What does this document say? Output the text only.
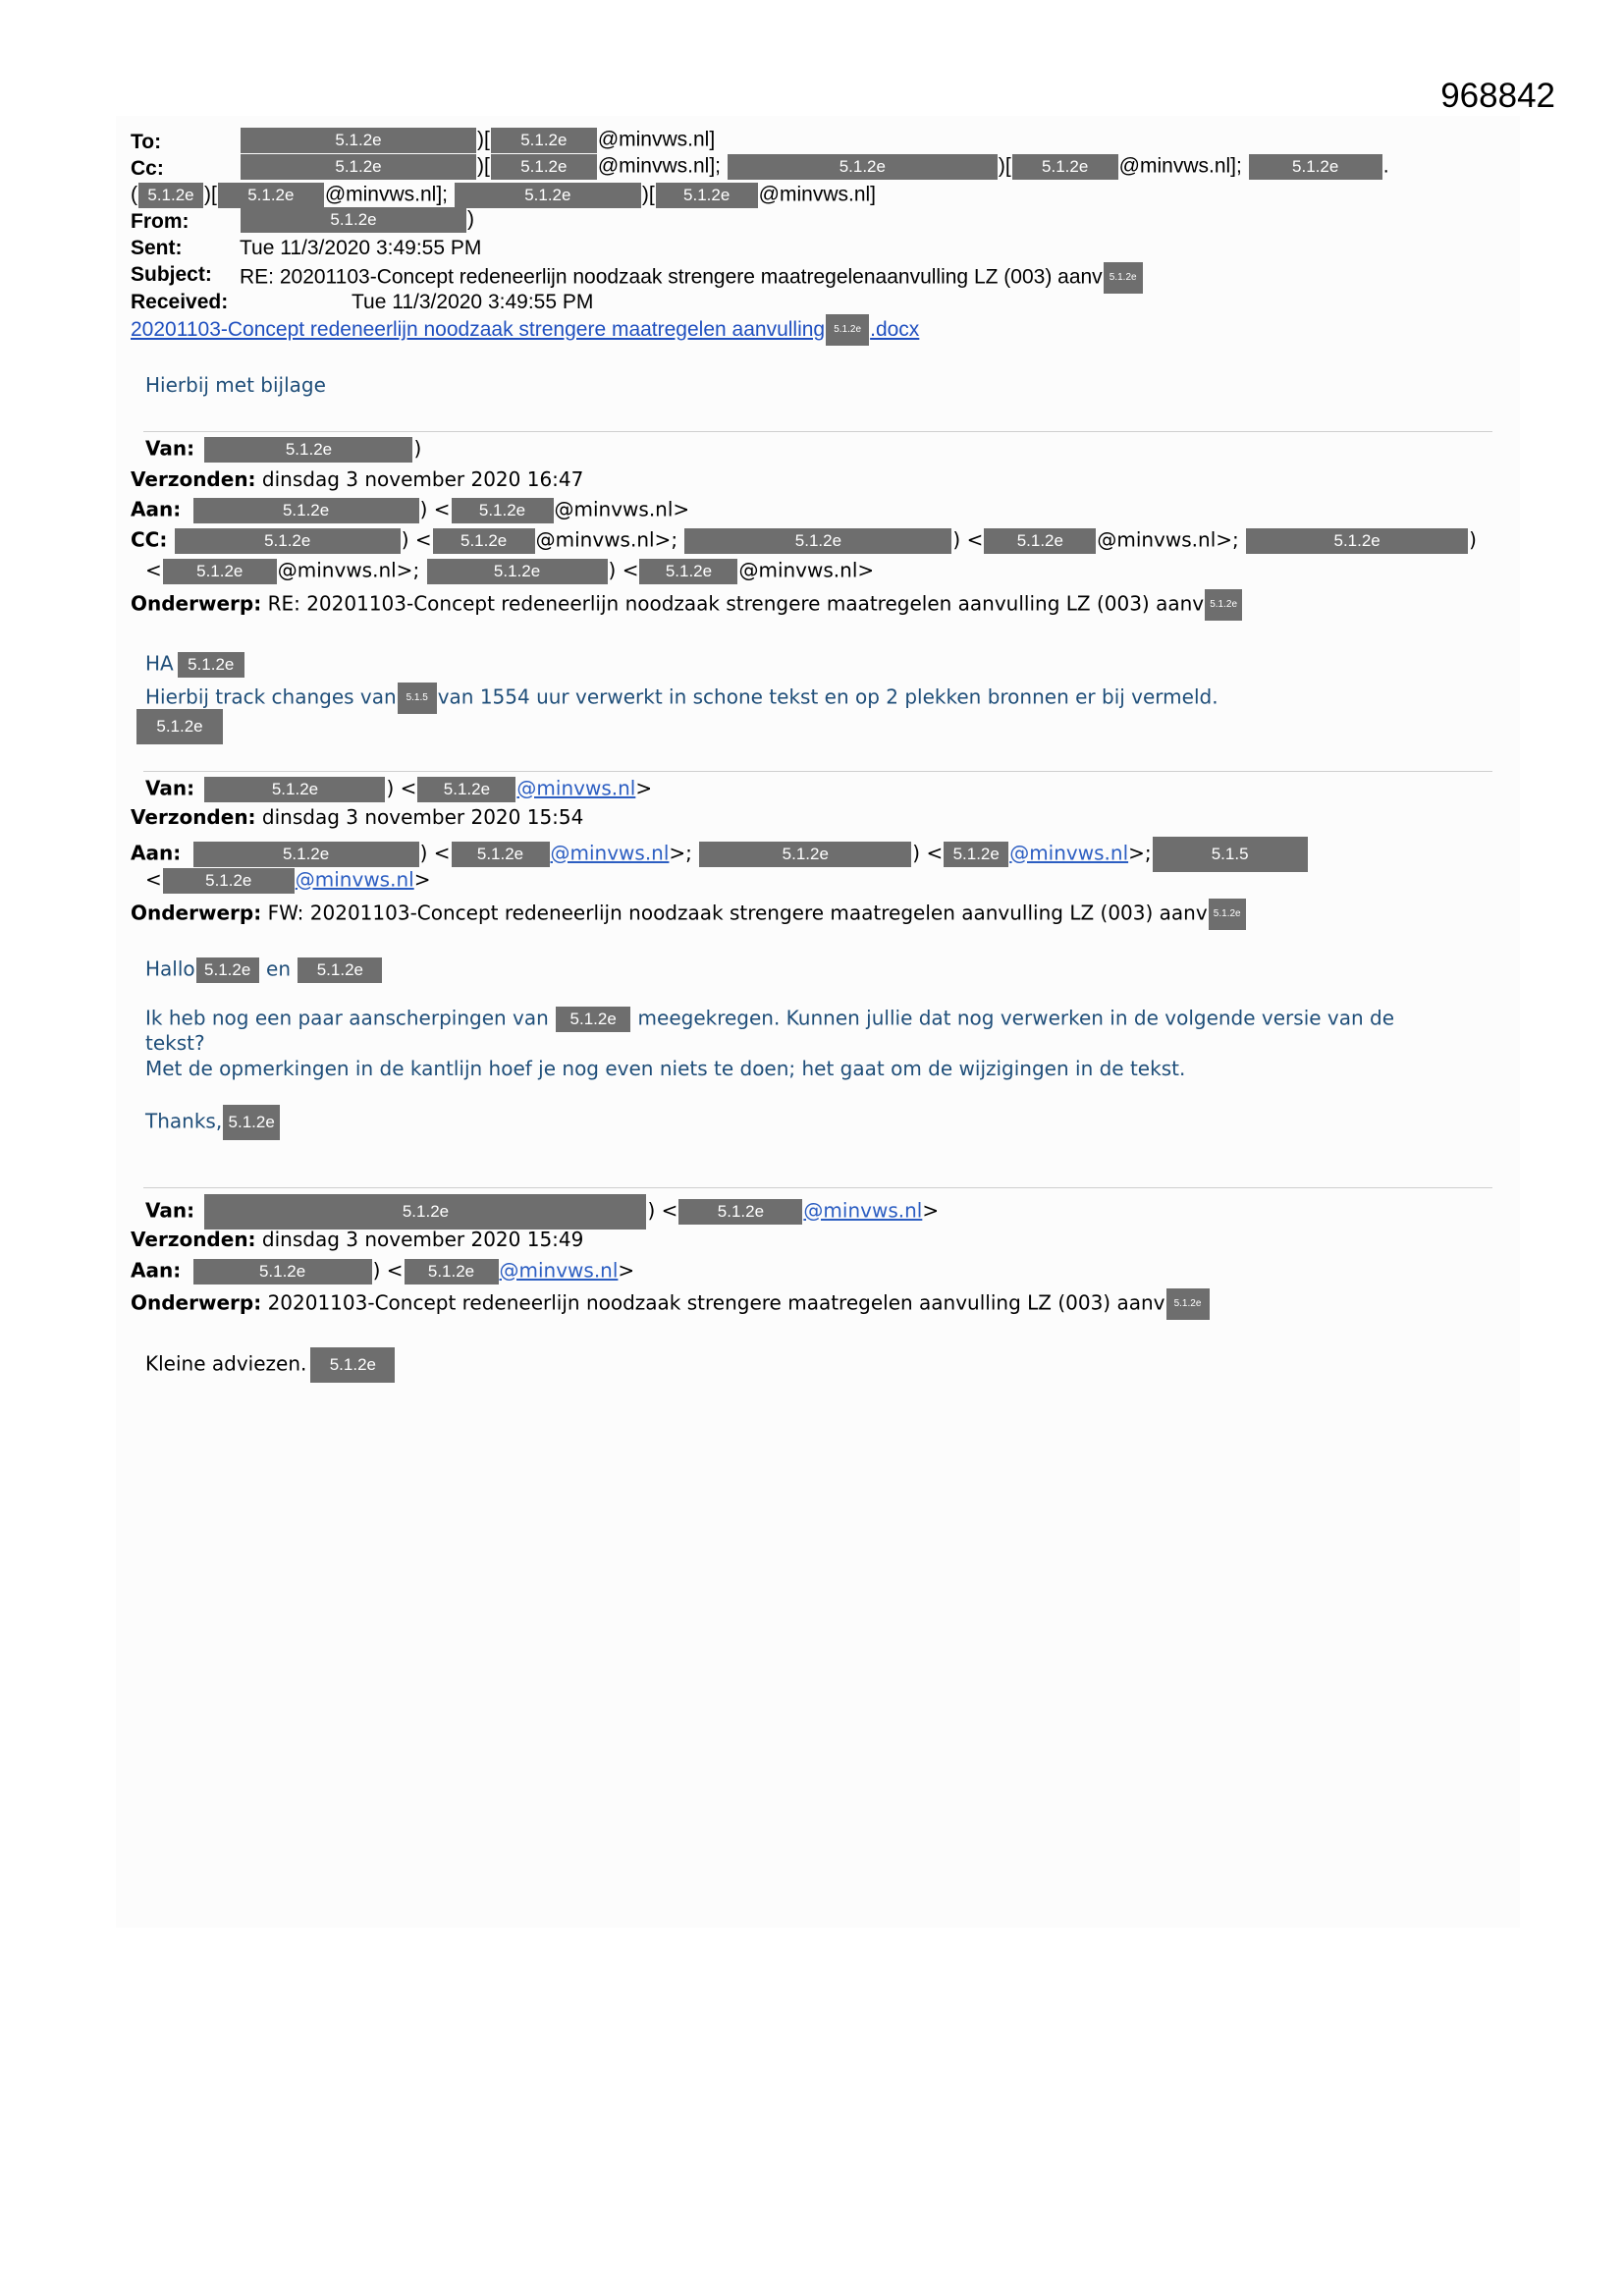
968842
To:	5.1.2e	)[ 5.1.2e @minvws.nl]
Cc:	5.1.2e	)[ 5.1.2e @minvws.nl];	5.1.2e	)[ 5.1.2e @minvws.nl];	5.1.2e .
( 5.1.2e )[ 5.1.2e @minvws.nl];	5.1.2e	)[ 5.1.2e @minvws.nl]
From:	5.1.2e	)
Sent:	Tue 11/3/2020 3:49:55 PM
Subject: RE: 20201103-Concept redeneerlijn noodzaak strengere maatregelenaanvulling LZ (003) aanv 5.1.2e
Received:	Tue 11/3/2020 3:49:55 PM
20201103-Concept redeneerlijn noodzaak strengere maatregelen aanvulling 5.1.2e .docx
Hierbij met bijlage
Van:	5.1.2e	)
Verzonden: dinsdag 3 november 2020 16:47
Aan:	5.1.2e	) < 5.1.2e @minvws.nl>
CC:	5.1.2e	) < 5.1.2e @minvws.nl>;	5.1.2e	) < 5.1.2e @minvws.nl>;	5.1.2e	)
< 5.1.2e @minvws.nl>;	5.1.2e	) < 5.1.2e @minvws.nl>
Onderwerp: RE: 20201103-Concept redeneerlijn noodzaak strengere maatregelen aanvulling LZ (003) aanv 5.1.2e
HA 5.1.2e
Hierbij track changes van 5.1.5 van 1554 uur verwerkt in schone tekst en op 2 plekken bronnen er bij vermeld.
5.1.2e
Van:	5.1.2e	) < 5.1.2e @minvws.nl>
Verzonden: dinsdag 3 november 2020 15:54
Aan:	5.1.2e	) < 5.1.2e @minvws.nl>;	5.1.2e	) < 5.1.2e @minvws.nl>;	5.1.5
<	5.1.2e @minvws.nl>
Onderwerp: FW: 20201103-Concept redeneerlijn noodzaak strengere maatregelen aanvulling LZ (003) aanv 5.1.2e
Hallo 5.1.2e en 5.1.2e
Ik heb nog een paar aanscherpingen van 5.1.2e meegekregen. Kunnen jullie dat nog verwerken in de volgende versie van de
tekst?
Met de opmerkingen in de kantlijn hoef je nog even niets te doen; het gaat om de wijzigingen in de tekst.
Thanks, 5.1.2e
Van:	5.1.2e	) < 5.1.2e @minvws.nl>
Verzonden: dinsdag 3 november 2020 15:49
Aan:	5.1.2e	) < 5.1.2e @minvws.nl>
Onderwerp: 20201103-Concept redeneerlijn noodzaak strengere maatregelen aanvulling LZ (003) aanv 5.1.2e
Kleine adviezen. 5.1.2e
